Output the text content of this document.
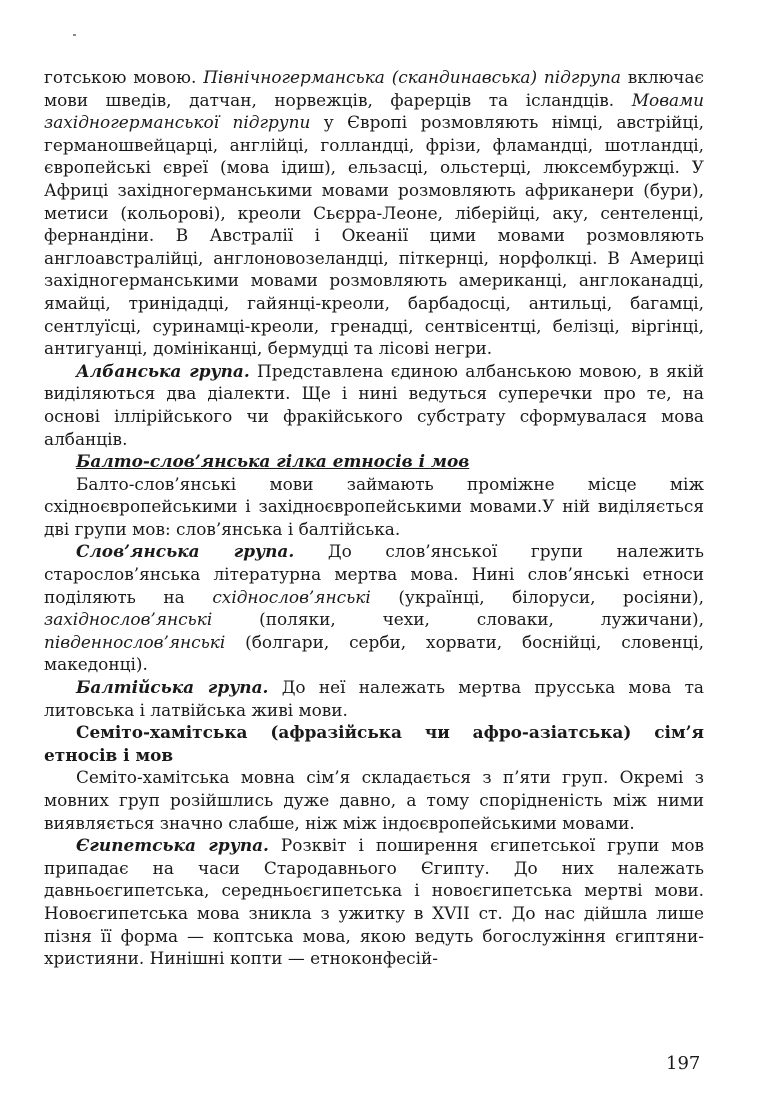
готською мовою. Північногерманська (скандинавська) підгрупа включає мови шведів, датчан, норвежців, фарерців та ісландців. Мовами західногерманської підгрупи у Європі розмовляють німці, австрійці, германошвейцарці, англійці, голландці, фрізи, фламандці, шотландці, європейські євреї (мова ідиш), ельзасці, ольстерці, люксембуржці. У Африці західногерманськими мовами розмовляють африканери (бури), метиси (кольорові), креоли Сьєрра-Леоне, ліберійці, аку, сентеленці, фернандіни. В Австралії і Океанії цими мовами розмовляють англоавстралійці, англоновозеландці, піткернці, норфолкці. В Америці західногерманськими мовами розмовляють американці, англоканадці, ямайці, тринідадці, гайянці-креоли, барбадосці, антильці, багамці, сентлуїсці, суринамці-креоли, гренадці, сентвісентці, белізці, віргінці, антигуанці, домініканці, бермудці та лісові негри.

Албанська група. Представлена єдиною албанською мовою, в якій виділяються два діалекти. Ще і нині ведуться суперечки про те, на основі іллірійського чи фракійського субстрату сформувалася мова албанців.

Балто-слов’янська гілка етносів і мов

Балто-слов’янські мови займають проміжне місце між східноєвропейськими і західноєвропейськими мовами.У ній виділяється дві групи мов: слов’янська і балтійська.

Слов’янська група. До слов’янської групи належить старослов’янська літературна мертва мова. Нині слов’янські етноси поділяють на східнослов’янські (українці, білоруси, росіяни), західнослов’янські (поляки, чехи, словаки, лужичани), південнослов’янські (болгари, серби, хорвати, боснійці, словенці, македонці).

Балтійська група. До неї належать мертва прусська мова та литовська і латвійська живі мови.

Семіто-хамітська (афразійська чи афро-азіатська) сім’я етносів і мов

Семіто-хамітська мовна сім’я складається з п’яти груп. Окремі з мовних груп розійшлись дуже давно, а тому спорідненість між ними виявляється значно слабше, ніж між індоєвропейськими мовами.

Єгипетська група. Розквіт і поширення єгипетської групи мов припадає на часи Стародавнього Єгипту. До них належать давньоєгипетська, середньоєгипетська і новоєгипетська мертві мови. Новоєгипетська мова зникла з ужитку в XVII ст. До нас дійшла лише пізня її форма — коптська мова, якою ведуть богослужіння єгиптяни-християни. Нинішні копти — етноконфесій-

197
